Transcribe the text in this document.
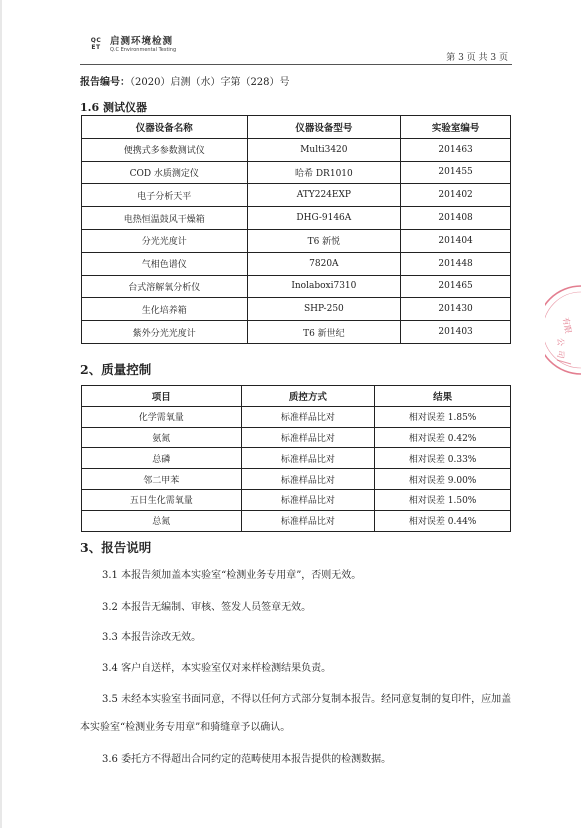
QC ET 启测环境检测
Q.C Environmental Testing
第 3 页 共 3 页
报告编号：（2020）启测（水）字第（228）号
1.6 测试仪器
仪器设备名称	仪器设备型号	实验室编号
便携式多参数测试仪	Multi3420	201463
COD 水质测定仪	哈希 DR1010	201455
电子分析天平	ATY224EXP	201402
电热恒温鼓风干燥箱	DHG-9146A	201408
分光光度计	T6 新悦	201404
气相色谱仪	7820A	201448
台式溶解氧分析仪	Inolaboxi7310	201465
生化培养箱	SHP-250	201430
紫外分光光度计	T6 新世纪	201403
2、质量控制
项目	质控方式	结果
化学需氧量	标准样品比对	相对误差 1.85%
氨氮	标准样品比对	相对误差 0.42%
总磷	标准样品比对	相对误差 0.33%
邻二甲苯	标准样品比对	相对误差 9.00%
五日生化需氧量	标准样品比对	相对误差 1.50%
总氮	标准样品比对	相对误差 0.44%
3、报告说明
3.1 本报告须加盖本实验室“检测业务专用章”，否则无效。
3.2 本报告无编制、审核、签发人员签章无效。
3.3 本报告涂改无效。
3.4 客户自送样，本实验室仅对来样检测结果负责。
3.5 未经本实验室书面同意，不得以任何方式部分复制本报告。经同意复制的复印件，应加盖本实验室“检测业务专用章”和骑缝章予以确认。
3.6 委托方不得超出合同约定的范畴使用本报告提供的检测数据。
有限
公
司
